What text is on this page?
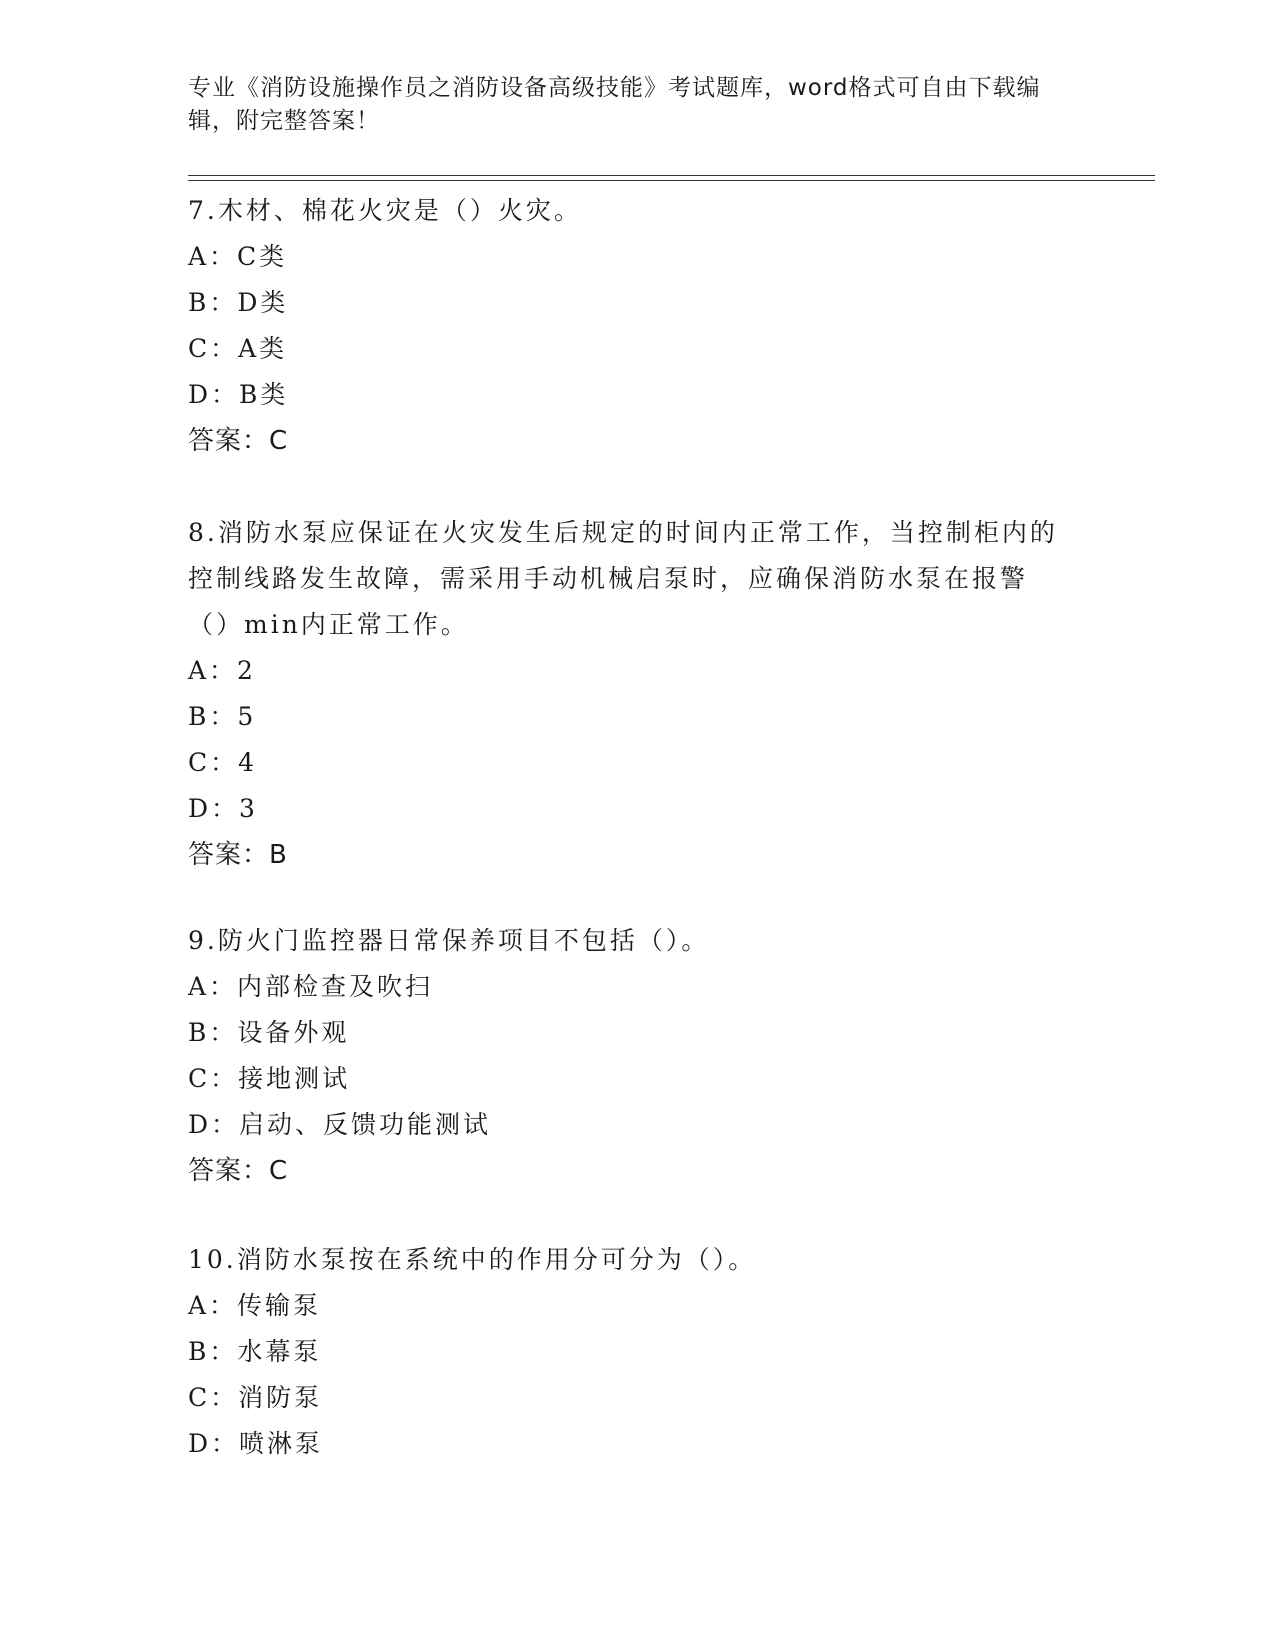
专业《消防设施操作员之消防设备高级技能》考试题库，word格式可自由下载编辑，附完整答案！

7.木材、棉花火灾是（）火灾。

A：C类

B：D类

C：A类

D：B类

答案：C

8.消防水泵应保证在火灾发生后规定的时间内正常工作，当控制柜内的控制线路发生故障，需采用手动机械启泵时，应确保消防水泵在报警（）min内正常工作。

A：2

B：5

C：4

D：3

答案：B

9.防火门监控器日常保养项目不包括（）。

A：内部检查及吹扫

B：设备外观

C：接地测试

D：启动、反馈功能测试

答案：C

10.消防水泵按在系统中的作用分可分为（）。

A：传输泵

B：水幕泵

C：消防泵

D：喷淋泵
